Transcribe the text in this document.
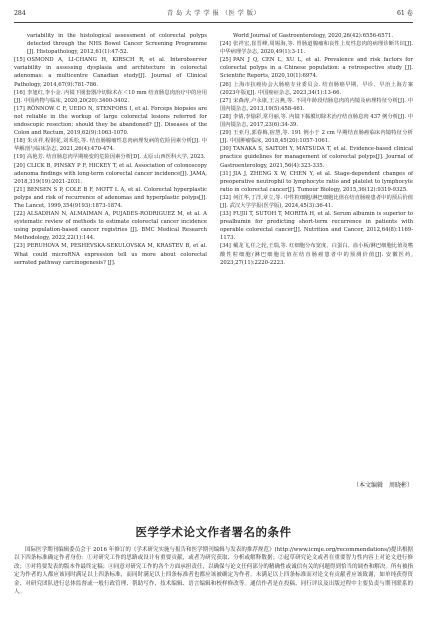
284	青 岛 大 学 学 报 （医 学 版）	61 卷
variability in the histological assessment of colorectal polyps detected through the NHS Bowel Cancer Screening Programme [J]. Histopathology, 2012,61(1):47-52.
[15] OSMOND A, LI-CHANG H, KIRSCH R, et al. Interobserver variability in assessing dysplasia and architecture in colorectal adenomas: a multicentre Canadian study[J]. Journal of Clinical Pathology, 2014,67(9):781-786.
[16] 李旭红,李小金. 内镜下圈套器冷切除术在＜10 mm 结直肠息肉治疗中的应用[J]. 中国药物与临床, 2020,20(20):3400-3402.
[17] RÖNNOW C F, UEDO N, STENFORS I, et al. Forceps biopsies are not reliable in the workup of large colorectal lesions referred for endoscopic resection: should they be abandoned? [J]. Diseases of the Colon and Rectum, 2019,62(9):1063-1070.
[18] 朱贞祥,程钢花,刘禾松,等. 结直肠腺瘤性息肉病理发病的危险因素分析[J]. 中华解剖与临床杂志, 2021,26(4):470-474.
[19] 高艳芳. 结直肠息肉早期癌变的危险因素分析[D]. 太原:山西医科大学, 2023.
[20] CLICK B, PINSKY P F, HICKEY T, et al. Association of colonoscopy adenoma findings with long-term colorectal cancer incidence[J]. JAMA, 2018,319(19):2021-2031.
[21] BENSEN S P, COLE B F, MOTT L A, et al. Colorectal hyperplastic polyps and risk of recurrence of adenomas and hyperplastic polyps[J]. The Lancet, 1999,354(9193):1873-1874.
[22] ALSADHAN N, ALMAIMAN A, PUJADES-RODRIGUEZ M, et al. A systematic review of methods to estimate colorectal cancer incidence using population-based cancer registries [J]. BMC Medical Research Methodology, 2022,22(1):144.
[23] PERUHOVA M, PESHEVSKA-SEKULOVSKA M, KRASTEV B, et al. What could microRNA expression tell us more about colorectal serrated pathway carcinogenesis? [J].
World Journal of Gastroenterology, 2020,26(42):6556-6571.
[24] 张祥宏,崔晋峰,周锡海,等. 胃肠道腺瘤和良性上皮性息肉的病理诊断共识[J]. 中华病理学杂志, 2020,49(1):3-11.
[25] PAN J Q, CEN L, XU L, et al. Prevalence and risk factors for colorectal polyps in a Chinese population: a retrospective study [J]. Scientific Reports, 2020,10(1):6974.
[26] 上海市抗癌协会大肠癌专业委员会. 结直肠癌早期、早诊、早治上海方案(2023年版)[J]. 中国癌症杂志, 2023,34(1):13-66.
[27] 宋森涛,卢永康,王言燕,等. 不同年龄段结肠息肉的内镜及病理特征分析[J]. 中国内镜杂志, 2013,19(5):458-461.
[28] 李倩,李愉彩,常丹丽,等. 内镜下黏膜切除术治疗结直肠息肉 437 例分析[J]. 中国内镜杂志, 2017,23(6):34-39.
[29] 王亚丹,郭春梅,宿慧,等. 191 例小于 2 cm 早期结直肠癌临床内镜特征分析[J]. 中国肿瘤临床, 2018,45(20):1057-1061.
[30] TANAKA S, SAITOH Y, MATSUDA T, et al. Evidence-based clinical practice guidelines for management of colorectal polyps[J]. Journal of Gastroenterology, 2021,56(4):323-335.
[31] JIA J, ZHENG X W, CHEN Y, et al. Stage-dependent changes of preoperative neutrophil to lymphocyte ratio and platelet to lymphocyte ratio in colorectal cancer[J]. Tumour Biology, 2015,36(12):9319-9325.
[32] 何江华,丁洋,章立,等. 中性粒细胞/淋巴细胞比值在结直肠癌患者中的预后价值[J]. 武汉大学学报(医学版), 2024,45(3):36-41.
[33] FUJII T, SUTOH T, MORITA H, et al. Serum albumin is superior to prealbumin for predicting short-term recurrence in patients with operable colorectal cancer[J]. Nutrition and Cancer, 2012,64(8):1169-1173.
[34] 戴龙飞,任之轮,王瑞,等. 红细胞分布宽度、白蛋白、血小板/淋巴细胞比值及嗜酸性粒细胞/淋巴细胞比值在结直肠癌患者中的预测价值[J]. 安徽医药, 2023,27(11):2220-2223.
（本文编辑　周晓彬）
医学学术论文作者署名的条件
国际医学期刊编辑委员会于 2016 年修订的《学术研究实施与报告和医学期刊编辑与发表的推荐规范》(http://www.icmje.org/recommendations/)提出根据以下四条标准确定作者身份：①对研究工作的思路或设计有重要贡献，或者为研究获取、分析或解释数据；②起草研究论文或者在重要智力性内容上对论文进行修改；③对将要发表的版本作最终定稿；④同意对研究工作的各个方面承担责任，以确保与论文任何部分的精确性或诚信有关的问题得到恰当的调查和解决。所有被指定为作者的人都应该同时满足以上四条标准，而同时满足以上四条标准者也都应该被确定为作者。未满足以上四条标准而对论文有贡献者应该致谢，如单纯获得资金、对研究团队进行总体监督或一般行政管理、帮助写作、技术编辑、语言编辑和校样修改等。通信作者是在投稿、同行评议及出版过程中主要负责与期刊联系的人。
